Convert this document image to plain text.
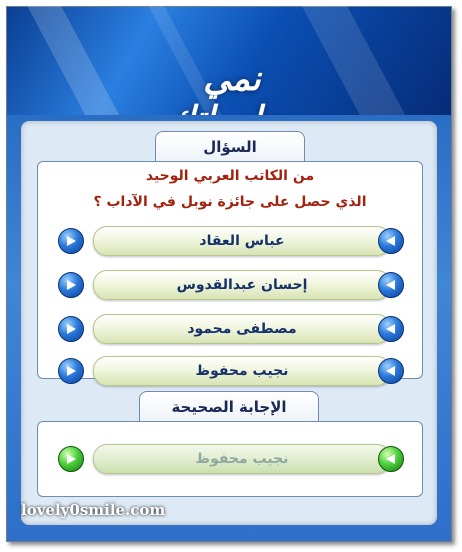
نمي
السؤال
من الكاتب العربي الوحيد
الذي حصل على جائزة نوبل في الآداب ؟
عباس العقاد
إحسان عبدالقدوس
مصطفى محمود
نجيب محفوظ
الإجابة الصحيحة
نجيب محفوظ
lovely0smile.com
